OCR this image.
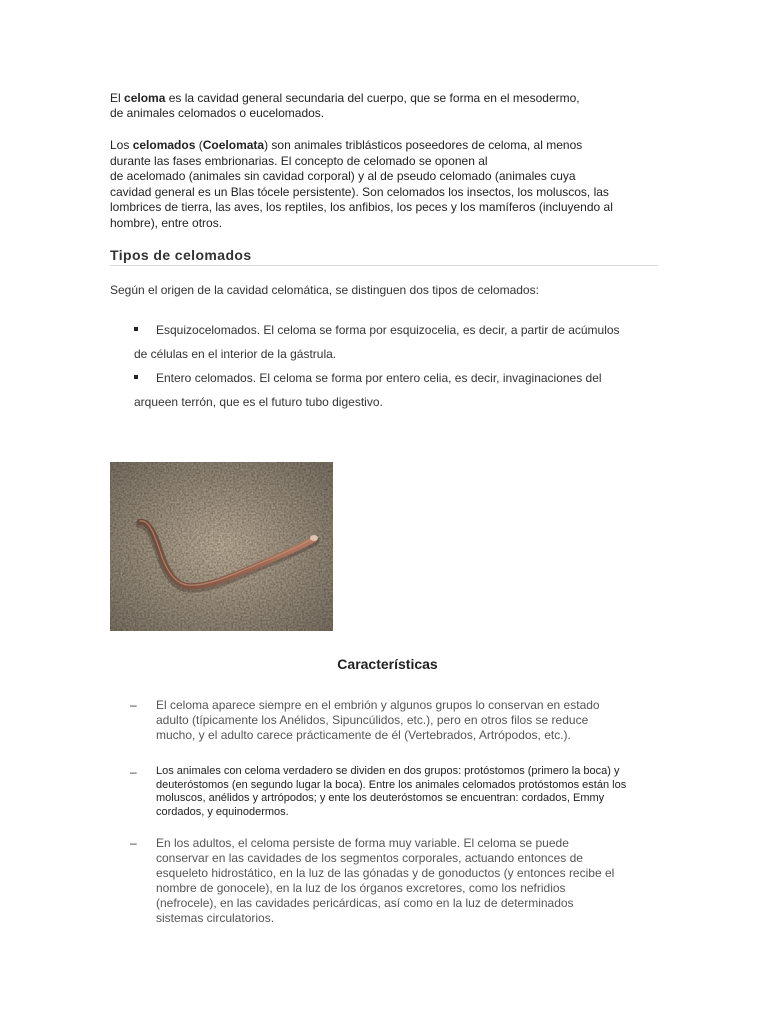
El celoma es la cavidad general secundaria del cuerpo, que se forma en el mesodermo,
de animales celomados o eucelomados.
Los celomados (Coelomata) son animales triblásticos poseedores de celoma, al menos
durante las fases embrionarias. El concepto de celomado se oponen al
de acelomado (animales sin cavidad corporal) y al de pseudo celomado (animales cuya
cavidad general es un Blas tócele persistente). Son celomados los insectos, los moluscos, las
lombrices de tierra, las aves, los reptiles, los anfibios, los peces y los mamíferos (incluyendo al
hombre), entre otros.
Tipos de celomados
Según el origen de la cavidad celomática, se distinguen dos tipos de celomados:
Esquizocelomados. El celoma se forma por esquizocelia, es decir, a partir de acúmulos
de células en el interior de la gástrula.
Entero celomados. El celoma se forma por entero celia, es decir, invaginaciones del
arqueen terrón, que es el futuro tubo digestivo.
Características
– El celoma aparece siempre en el embrión y algunos grupos lo conservan en estado
adulto (típicamente los Anélidos, Sipuncúlidos, etc.), pero en otros filos se reduce
mucho, y el adulto carece prácticamente de él (Vertebrados, Artrópodos, etc.).
– Los animales con celoma verdadero se dividen en dos grupos: protóstomos (primero la boca) y
deuteróstomos (en segundo lugar la boca). Entre los animales celomados protóstomos están los
moluscos, anélidos y artrópodos; y ente los deuteróstomos se encuentran: cordados, Emmy
cordados, y equinodermos.
– En los adultos, el celoma persiste de forma muy variable. El celoma se puede
conservar en las cavidades de los segmentos corporales, actuando entonces de
esqueleto hidrostático, en la luz de las gónadas y de gonoductos (y entonces recibe el
nombre de gonocele), en la luz de los órganos excretores, como los nefridios
(nefrocele), en las cavidades pericárdicas, así como en la luz de determinados
sistemas circulatorios.
